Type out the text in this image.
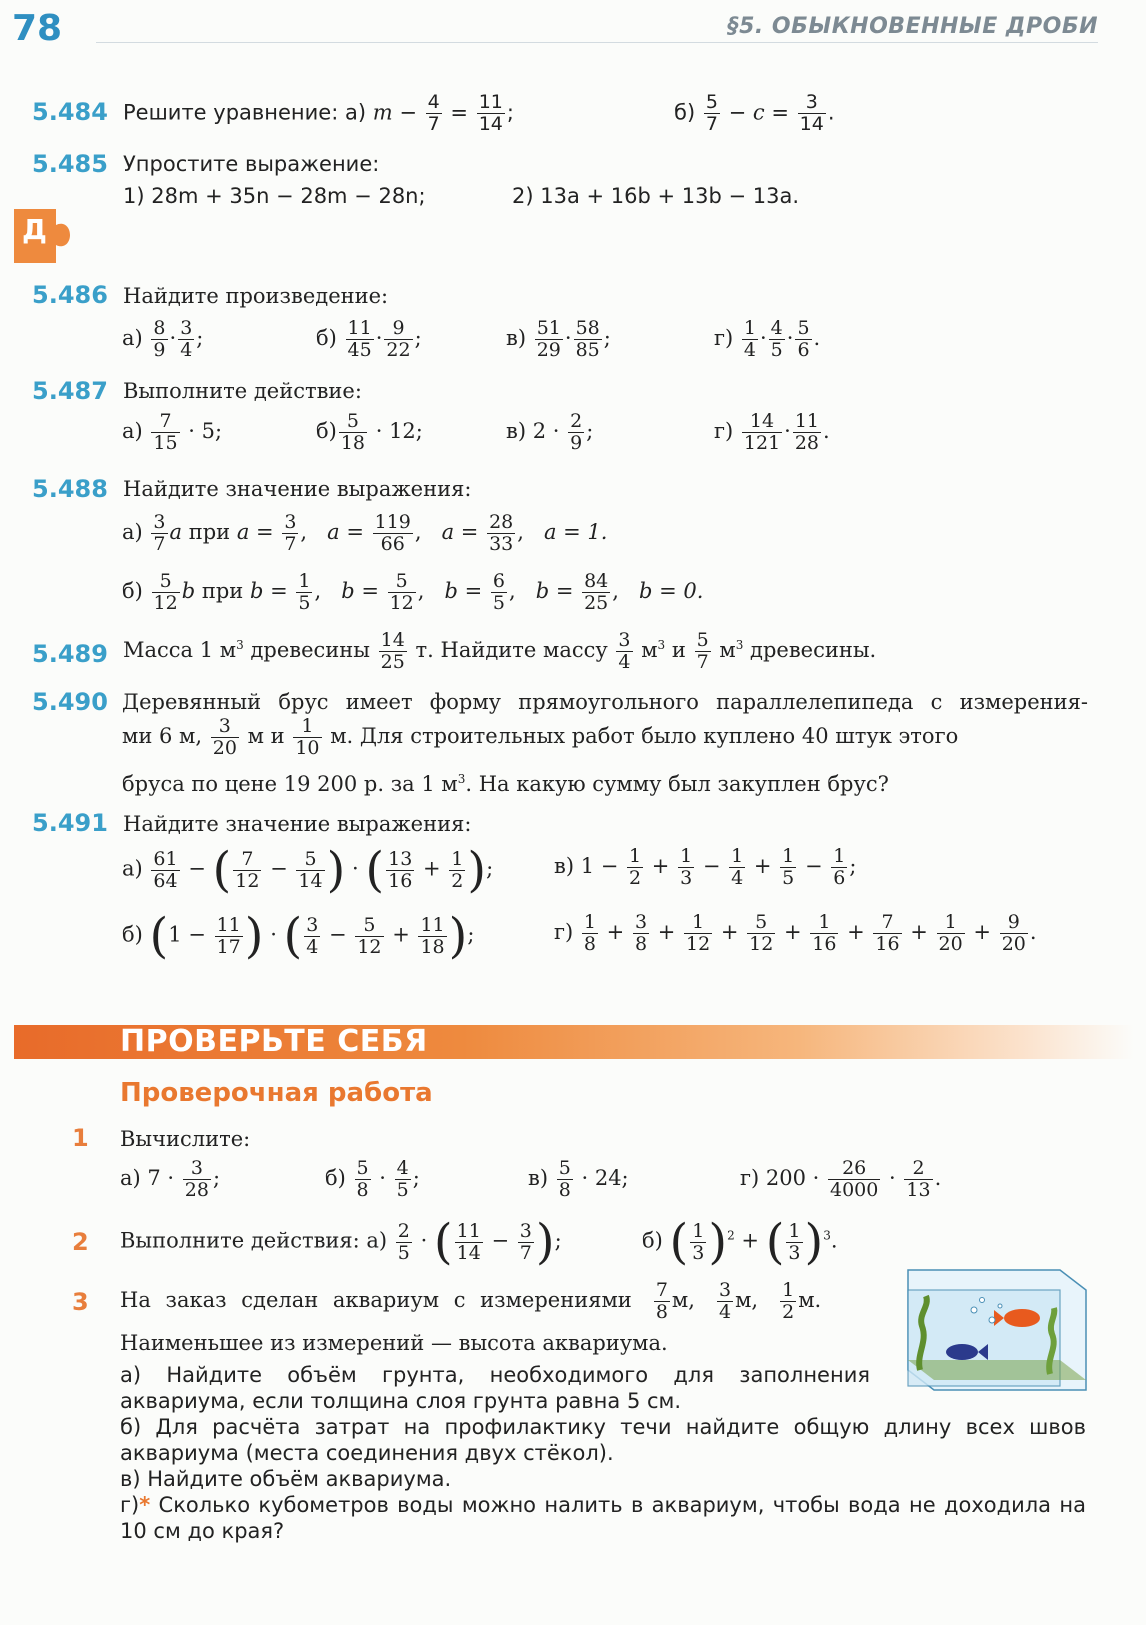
78	§5. ОБЫКНОВЕННЫЕ ДРОБИ
5.484 Решите уравнение: а) $m - \frac{4}{7} = \frac{11}{14}$ ;	$б) \frac{5}{7} - c = \frac{3}{14}$ .
5.485 Упростите выражение:
1) 28m + 35n − 28m − 28n;	2) 13a + 16b + 13b − 13a.
Д
5.486 Найдите произведение:
$а) \frac{8}{9} \cdot \frac{3}{4}$ ;	$б) \frac{11}{45} \cdot \frac{9}{22}$ ;	$в) \frac{51}{29} \cdot \frac{58}{85}$ ;	$г) \frac{1}{4} \cdot \frac{4}{5} \cdot \frac{5}{6}$ .
5.487 Выполните действие:
$а) \frac{7}{15} \cdot 5$;	$б) \frac{5}{18} \cdot 12$;	в) $2 \cdot \frac{2}{9}$ ;	$г) \frac{14}{121} \cdot \frac{11}{28}$ .
5.488 Найдите значение выражения:
$а) \frac{3}{7}$ a при $a = \frac{3}{7}$ ,   $a = \frac{119}{66}$ ,   $a = \frac{28}{33}$ ,   a = 1.
$б) \frac{5}{12}$ b при $b = \frac{1}{5}$ ,   $b = \frac{5}{12}$ ,   $b = \frac{6}{5}$ ,   $b = \frac{84}{25}$ ,   b = 0.
5.489 Масса 1 $м^3$ древесины $\frac{14}{25} т$. Найдите массу $\frac{3}{4} м^3$ и $\frac{5}{7} м^3$ древесины.
5.490 Деревянный брус имеет форму прямоугольного параллелепипеда с измерения-
ми 6 м, $\frac{3}{20}$ м и $\frac{1}{10} м$. Для строительных работ было куплено 40 штук этого
бруса по цене 19 200 р. за 1 $м^3$. На какую сумму был закуплен брус?
5.491 Найдите значение выражения:
$а) \frac{61}{64}$ − ( $\frac{7}{12} - \frac{5}{14}$ ) · ( $\frac{13}{16} + \frac{1}{2}$ );	в) $1 - \frac{1}{2} + \frac{1}{3} - \frac{1}{4} + \frac{1}{5} - \frac{1}{6}$ ;
б) ($1 - \frac{11}{17}$ ) · ( $\frac{3}{4} - \frac{5}{12} + \frac{11}{18}$ );	$г) \frac{1}{8} + \frac{3}{8} + \frac{1}{12} + \frac{5}{12} + \frac{1}{16} + \frac{7}{16} + \frac{1}{20} + \frac{9}{20}$ .
ПРОВЕРЬТЕ СЕБЯ
Проверочная работа
1 Вычислите:
а) $7 \cdot \frac{3}{28}$ ;	$б) \frac{5}{8} \cdot \frac{4}{5}$ ;	$в) \frac{5}{8} \cdot 24$;	г) $200 \cdot \frac{26}{4000} \cdot \frac{2}{13}$ .
2 Выполните действия: $а) \frac{2}{5}$ · ( $\frac{11}{14} - \frac{3}{7}$ );	б) ( $\frac{1}{3} )^2$ + ( $\frac{1}{3} )^3$.
3 На заказ сделан аквариум с измерениями $\frac{7}{8} м$, $\frac{3}{4} м$, $\frac{1}{2} м$.
Наименьшее из измерений — высота аквариума.
а) Найдите объём грунта, необходимого для заполнения аквариума, если толщина слоя грунта равна 5 см.
б) Для расчёта затрат на профилактику течи найдите общую длину всех швов аквариума (места соединения двух стёкол).
в) Найдите объём аквариума.
г)* Сколько кубометров воды можно налить в аквариум, чтобы вода не доходила на 10 см до края?
